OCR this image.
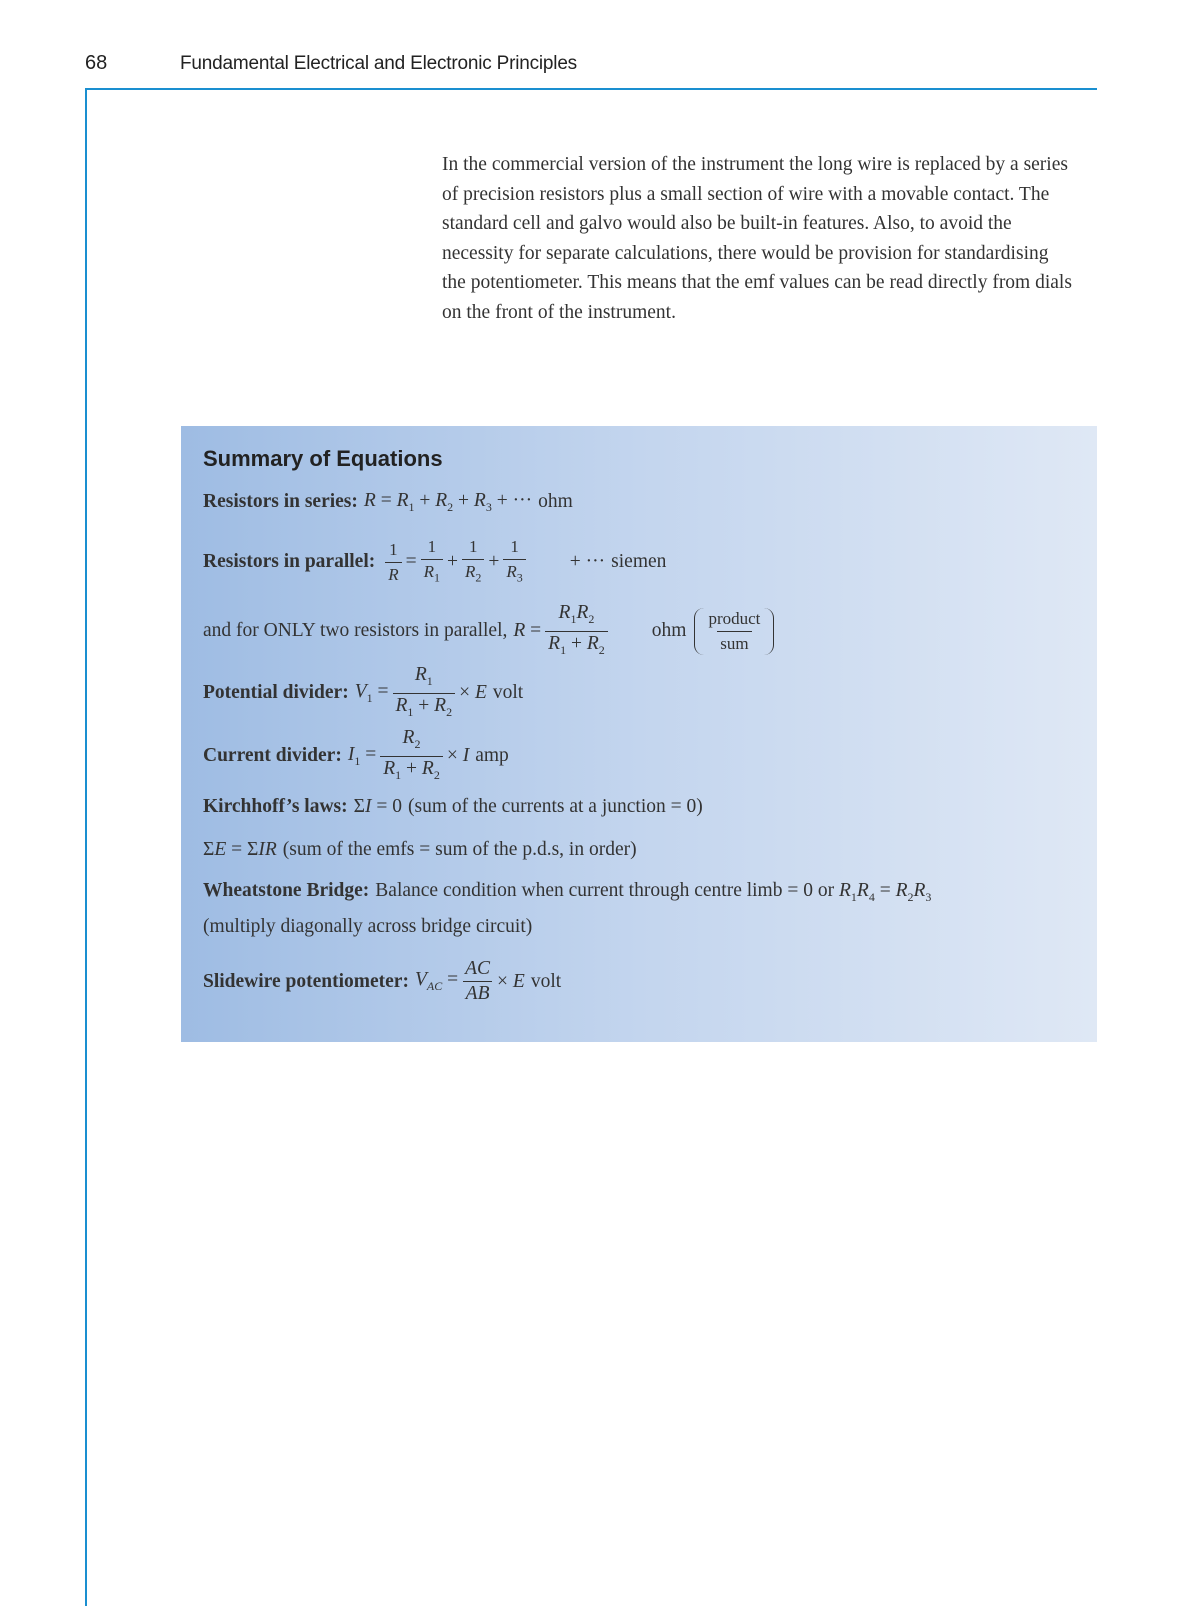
68	Fundamental Electrical and Electronic Principles

In the commercial version of the instrument the long wire is replaced by a series of precision resistors plus a small section of wire with a movable contact. The standard cell and galvo would also be built-in features. Also, to avoid the necessity for separate calculations, there would be provision for standardising the potentiometer. This means that the emf values can be read directly from dials on the front of the instrument.

Summary of Equations
Resistors in series: $R = R_1 + R_2 + R_3$ + ··· ohm
Resistors in parallel: $\frac{1}{R} = \frac{1}{R_1} + \frac{1}{R_2} + \frac{1}{R_3}$ + ··· siemen
and for ONLY two resistors in parallel, $R = \frac{R_1R_2}{R_1 + R_2}$ ohm $\frac{\text{product}}{\text{sum}}$
Potential divider: $V_1 = \frac{R_1}{R_1 + R_2} \times E$ volt
Current divider: $I_1 = \frac{R_2}{R_1 + R_2} \times I$ amp
Kirchhoff’s laws: ΣI = 0 (sum of the currents at a junction = 0)
ΣE = ΣIR (sum of the emfs = sum of the p.d.s, in order)
Wheatstone Bridge: Balance condition when current through centre limb = 0 or $R_1R_4 = R_2R_3$
(multiply diagonally across bridge circuit)
Slidewire potentiometer: $V_{AC} = \frac{AC}{AB} \times E$ volt
